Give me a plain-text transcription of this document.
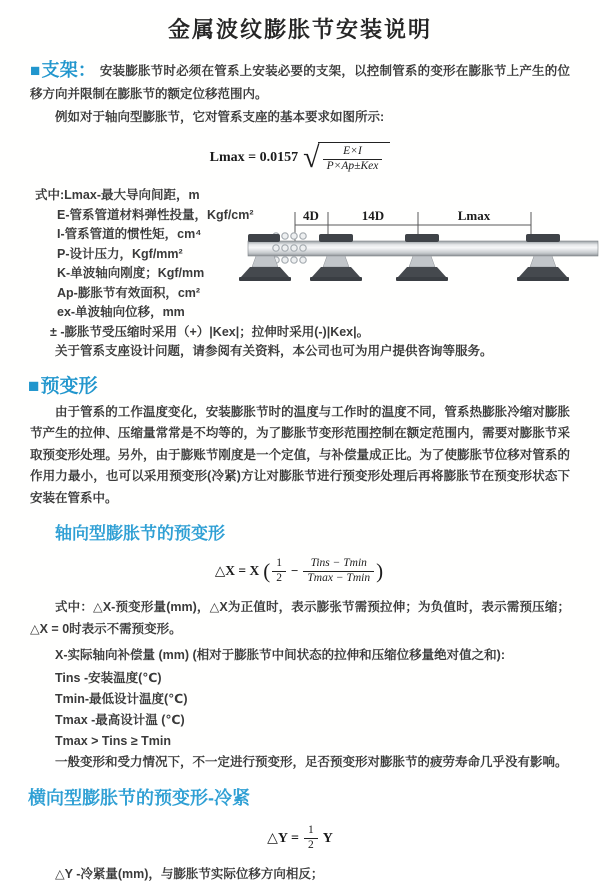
金属波纹膨胀节安装说明
■支架： 安装膨胀节时必须在管系上安装必要的支架，以控制管系的变形在膨胀节上产生的位移方向并限制在膨胀节的额定位移范围内。
例如对于轴向型膨胀节，它对管系支座的基本要求如图所示:
Lmax = 0.0157 √ $\frac{E\times I}{\text{P×Ap±Kex}}$
式中:Lmax-最大导向间距，m
E-管系管道材料弹性投量，Kgf/cm²
I-管系管道的惯性矩，cm⁴
P-设计压力，Kgf/mm²
K-单波轴向刚度；Kgf/mm
Ap-膨胀节有效面积，cm²
ex-单波轴向位移，mm
± -膨胀节受压缩时采用（+）|Kex|；拉伸时采用(-)|Kex|。
关于管系支座设计问题，请参阅有关资料，本公司也可为用户提供咨询等服务。
4D	14D	Lmax
■预变形
由于管系的工作温度变化，安装膨胀节时的温度与工作时的温度不同，管系热膨胀冷缩对膨胀节产生的拉伸、压缩量常常是不均等的，为了膨胀节变形范围控制在额定范围内，需要对膨胀节采取预变形处理。另外，由于膨账节刚度是一个定值，与补偿量成正比。为了使膨胀节位移对管系的作用力最小，也可以采用预变形(冷紧)方让对膨胀节进行预变形处理后再将膨胀节在预变形状态下安装在管系中。
轴向型膨胀节的预变形
△X = X ( $\frac{1}{2} - \frac{\text{Tins − Tmin}}{Tmax - Tmin}$ )
式中：△X-预变形量(mm)，△X为正值时，表示膨张节需预拉伸；为负值时，表示需预压缩；△X = 0时表示不需预变形。
X-实际轴向补偿量 (mm) (相对于膨胀节中间状态的拉伸和压缩位移量绝对值之和):
Tins -安装温度(℃)
Tmin-最低设计温度(℃)
Tmax -最高设计温 (℃)
Tmax > Tins ≥ Tmin
一般变形和受力情况下，不一定进行预变形，足否预变形对膨胀节的疲劳寿命几乎没有影响。
横向型膨胀节的预变形-冷紧
△Y = $\frac{1}{2}$ Y
△Y -冷紧量(mm)，与膨胀节实际位移方向相反；
